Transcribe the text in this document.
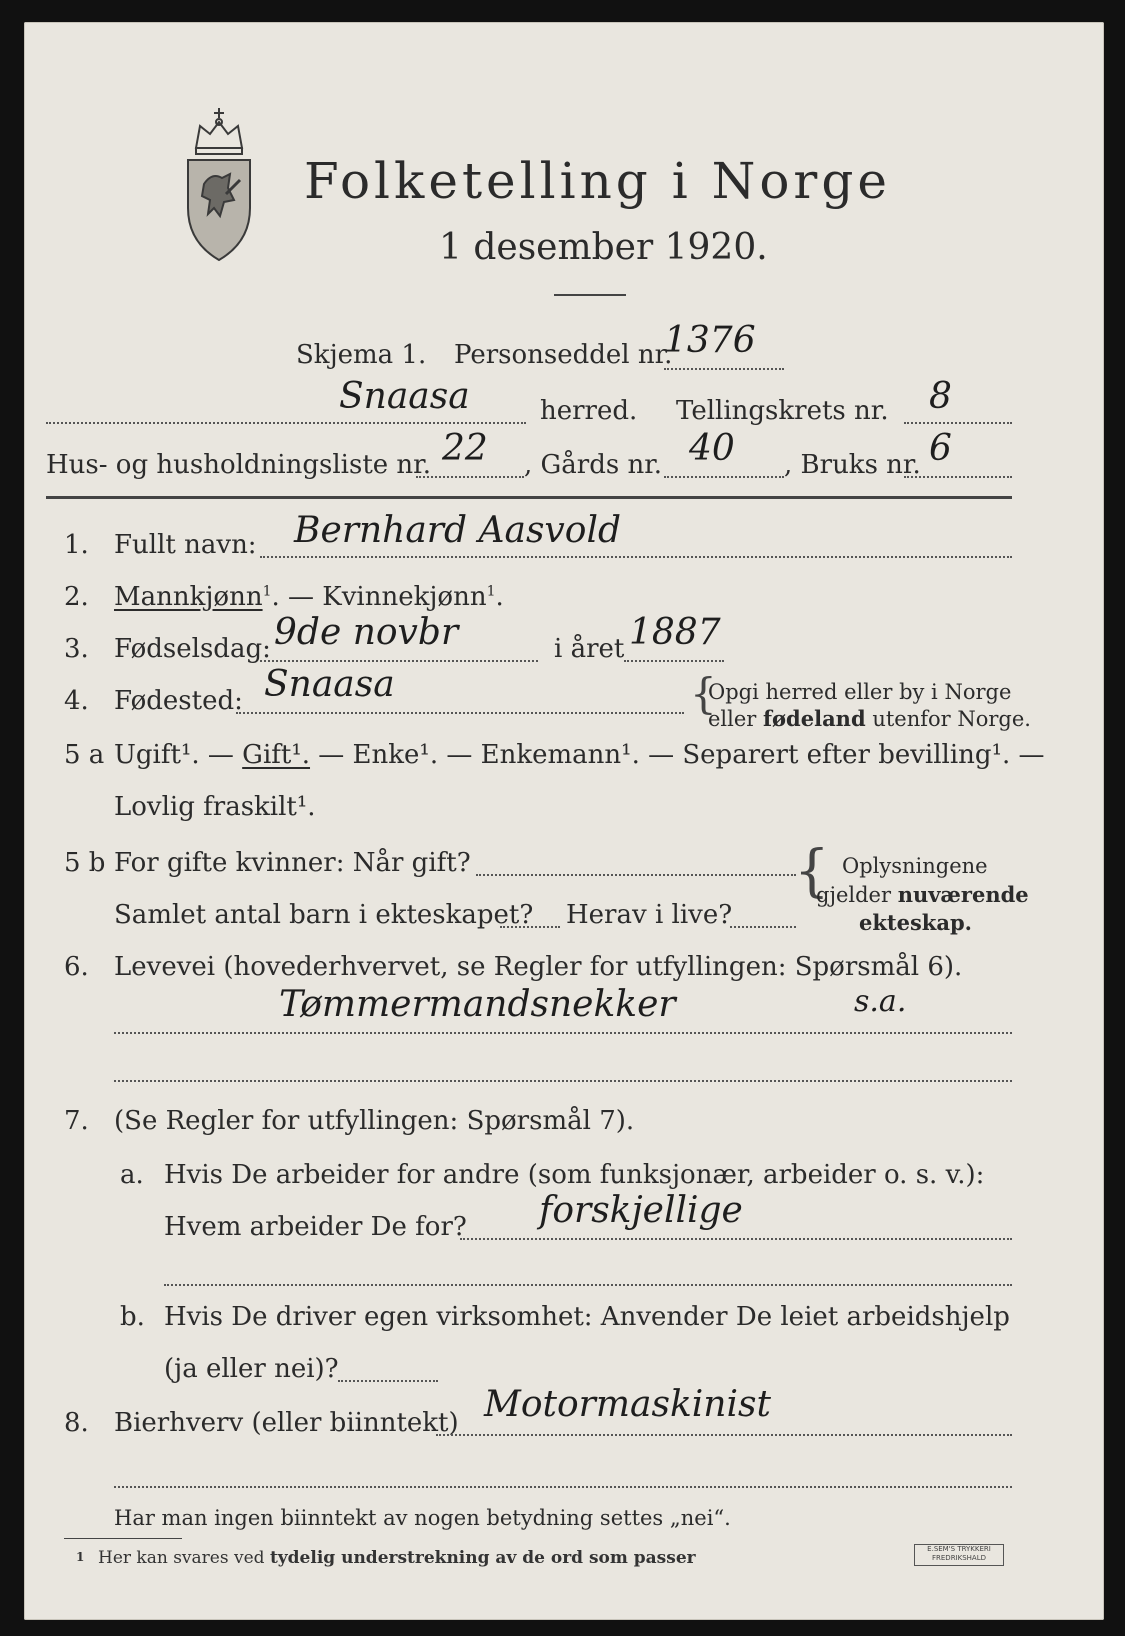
Folketelling i Norge
1 desember 1920.
Skjema 1. Personseddel nr.
1376
Snaasa	herred. Tellingskrets nr. 8
Hus- og husholdningsliste nr. 22 , Gårds nr. 40 , Bruks nr. 6
1. Fullt navn: Bernhard Aasvold
2. Mannkjønn$^1$. — Kvinnekjønn$^1$.
3. Fødselsdag: 9de novbr	i året 1887
4. Fødested: Snaasa	{
Opgi herred eller by i Norge
eller fødeland utenfor Norge.
5 a Ugift¹. — Gift¹. — Enke¹. — Enkemann¹. — Separert efter bevilling¹. —
Lovlig fraskilt¹.
5 b For gifte kvinner: Når gift?
Samlet antal barn i ekteskapet? Herav i live?
{ Oplysningene
gjelder nuværende
ekteskap.
6. Levevei (hovederhvervet, se Regler for utfyllingen: Spørsmål 6).
Tømmermandsnekker	s.a.
7. (Se Regler for utfyllingen: Spørsmål 7).
a. Hvis De arbeider for andre (som funksjonær, arbeider o. s. v.):
Hvem arbeider De for? forskjellige
b. Hvis De driver egen virksomhet: Anvender De leiet arbeidshjelp
(ja eller nei)?
8. Bierhverv (eller biinntekt) Motormaskinist
Har man ingen biinntekt av nogen betydning settes „nei“.
1 Her kan svares ved tydelig understrekning av de ord som passer	E.SEM'S TRYKKERI FREDRIKSHALD
